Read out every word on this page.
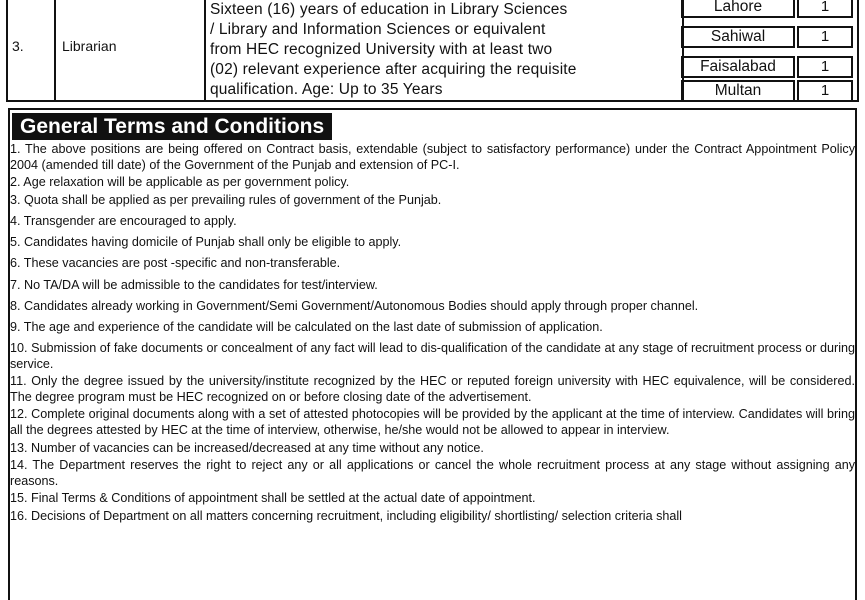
3.	Librarian
Sixteen (16) years of education in Library Sciences
/ Library and Information Sciences or equivalent
from HEC recognized University with at least two
(02) relevant experience after acquiring the requisite
qualification. Age: Up to 35 Years
Lahore	1
Sahiwal	1
Faisalabad	1
Multan	1
General Terms and Conditions

1. The above positions are being offered on Contract basis, extendable (subject to satisfactory performance) under the Contract Appointment Policy 2004 (amended till date) of the Government of the Punjab and extension of PC-I.

2. Age relaxation will be applicable as per government policy.

3. Quota shall be applied as per prevailing rules of government of the Punjab.

4. Transgender are encouraged to apply.

5. Candidates having domicile of Punjab shall only be eligible to apply.

6. These vacancies are post -specific and non-transferable.

7. No TA/DA will be admissible to the candidates for test/interview.

8. Candidates already working in Government/Semi Government/Autonomous Bodies should apply through proper channel.

9. The age and experience of the candidate will be calculated on the last date of submission of application.

10. Submission of fake documents or concealment of any fact will lead to dis-qualification of the candidate at any stage of recruitment process or during service.

11. Only the degree issued by the university/institute recognized by the HEC or reputed foreign university with HEC equivalence, will be considered. The degree program must be HEC recognized on or before closing date of the advertisement.

12. Complete original documents along with a set of attested photocopies will be provided by the applicant at the time of interview. Candidates will bring all the degrees attested by HEC at the time of interview, otherwise, he/she would not be allowed to appear in interview.

13. Number of vacancies can be increased/decreased at any time without any notice.

14. The Department reserves the right to reject any or all applications or cancel the whole recruitment process at any stage without assigning any reasons.

15. Final Terms & Conditions of appointment shall be settled at the actual date of appointment.

16. Decisions of Department on all matters concerning recruitment, including eligibility/ shortlisting/ selection criteria shall
